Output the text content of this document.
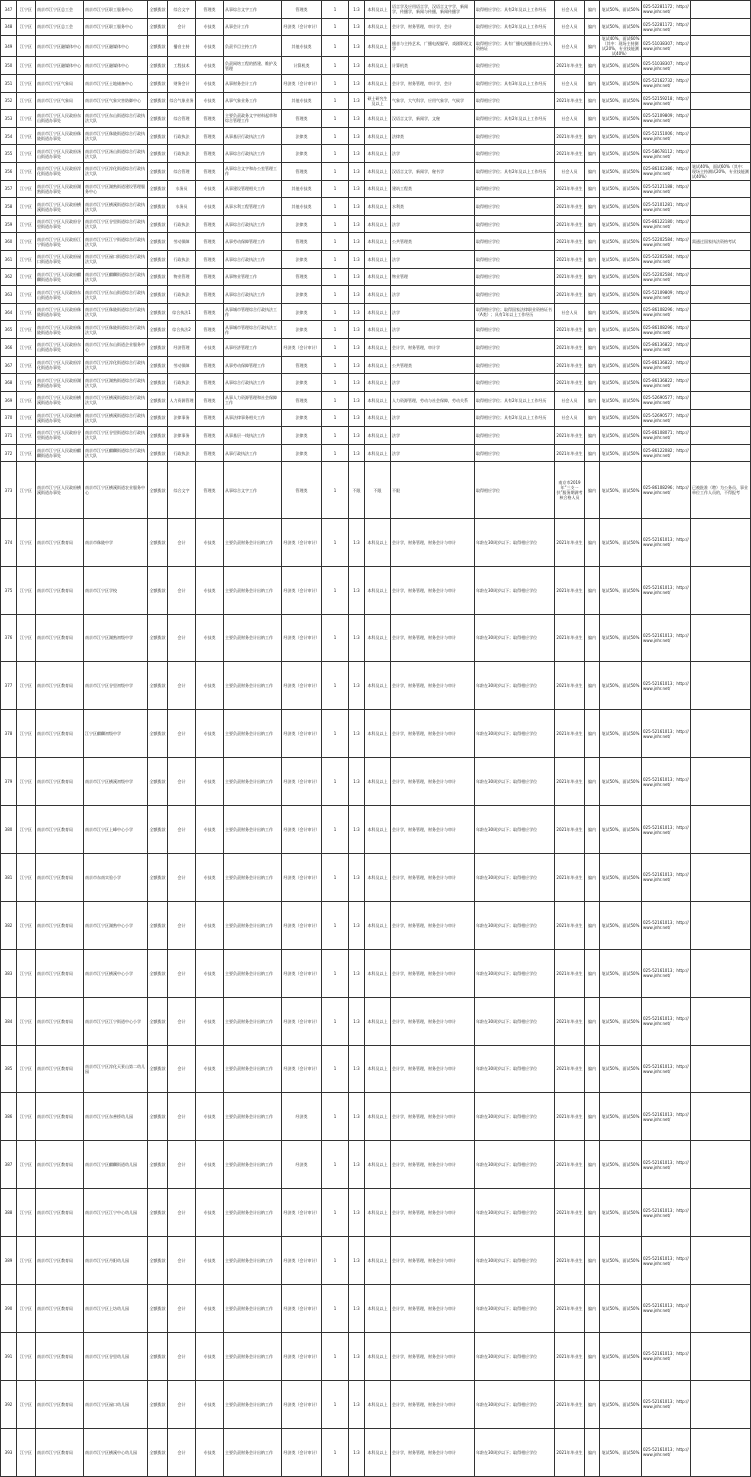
347	江宁区	南京市江宁区总工会	南京市江宁区职工服务中心	全额拨款	综合文字	管理类	从事综合文字工作	管理类	1	1:3	本科及以上	语言学及应用语言学，汉语言文字学，新闻学，传播学，新闻与传播，新闻传播学	取得相应学位；具有2年及以上工作经历	社会人员	编内	笔试50%，面试50%	025-52281172；http://www.jnhr.net/	
348	江宁区	南京市江宁区总工会	南京市江宁区职工服务中心	全额拨款	会计	专技类	从事会计工作	经济类（会计审计）	1	1:3	本科及以上	会计学，财务管理，审计学，会计	取得相应学位；具有2年及以上工作经历	社会人员	编内	笔试50%，面试50%	025-52281172；http://www.jnhr.net/	
349	江宁区	南京市江宁区融媒体中心	南京市江宁区融媒体中心	全额拨款	播音主持	专技类	负责节目主持工作	其他专技类	1	1:3	本科及以上	播音与主持艺术，广播电视编导，戏剧影视文学	取得相应学位；具有广播电视播音员主持人资格证	社会人员	编内	笔试40%，面试60%（其中：现场主持测试20%，专业技能测试40%）	025-51038307；http://www.jnhr.net/	
350	江宁区	南京市江宁区融媒体中心	南京市江宁区融媒体中心	全额拨款	工程技术	专技类	负责网络工程的搭建、维护及管理	计算机类	1	1:3	本科及以上	计算机类	取得相应学位	2021年毕业生	编内	笔试50%，面试50%	025-51038307；http://www.jnhr.net/	
351	江宁区	南京市江宁区气象局	南京市江宁区土地储备中心	全额拨款	财务会计	专技类	从事财务会计工作	经济类（会计审计）	1	1:3	本科及以上	会计学，财务管理，审计学，会计	取得相应学位；具有3年及以上工作经历	社会人员	编内	笔试50%，面试50%	025-52162732；http://www.jnhr.net/	
352	江宁区	南京市江宁区气象局	南京市江宁区气象灾害防御中心	全额拨款	综合气象业务	专技类	从事气象业务工作	其他专技类	1	1:3	硕士研究生及以上	气象学，大气科学，应用气象学，气候学	取得相应学位	2021年毕业生	编内	笔试50%，面试50%	025-52159218；http://www.jnhr.net/	
353	江宁区	南京市江宁区人民政府东山街道办事处	南京市江宁区东山街道综合行政执法大队	全额拨款	综合管理	管理类	主要负责政务文字材料起草和综合管理工作	管理类	1	1:3	本科及以上	汉语言文学，新闻学，文秘	取得相应学位；具有2年及以上工作经历	社会人员	编内	笔试50%，面试50%	025-52109809；http://www.jnhr.net/	
354	江宁区	南京市江宁区人民政府秣陵街道办事处	南京市江宁区秣陵街道综合行政执法大队	全额拨款	行政执法	管理类	从事基层行政执法工作	法律类	1	1:3	本科及以上	法律类	取得相应学位	2021年毕业生	编内	笔试50%，面试50%	025-52151006；http://www.jnhr.net/	
355	江宁区	南京市江宁区人民政府汤山街道办事处	南京市江宁区汤山街道综合行政执法大队	全额拨款	行政执法	管理类	从事综合行政执法工作	法律类	1	1:3	本科及以上	法学	取得相应学位	2021年毕业生	编内	笔试50%，面试50%	025-58678112；http://www.jnhr.net/	
356	江宁区	南京市江宁区人民政府淳化街道办事处	南京市江宁区淳化街道综合行政执法大队	全额拨款	综合管理	管理类	从事综合文字和办公室管理工作	管理类	1	1:3	本科及以上	汉语言文学，新闻学，秘书学	取得相应学位；具有2年及以上工作经历	社会人员	编内	笔试50%，面试50%	025-86102386；http://www.jnhr.net/	笔试40%，面试60%（其中：现场主持测试20%，专业技能测试40%）
357	江宁区	南京市江宁区人民政府湖熟街道办事处	南京市江宁区湖熟街道建设管理服务中心	全额拨款	水务员	专技类	从事建设管理相关工作	其他专技类	1	1:3	本科及以上	建筑工程类	取得相应学位	2021年毕业生	编内	笔试50%，面试50%	025-52121188；http://www.jnhr.net/	
358	江宁区	南京市江宁区人民政府横溪街道办事处	南京市江宁区横溪街道综合行政执法大队	全额拨款	水务员	专技类	从事水利工程管理工作	其他专技类	1	1:3	本科及以上	水利类	取得相应学位	2021年毕业生	编内	笔试50%，面试50%	025-52101281；http://www.jnhr.net/	
359	江宁区	南京市江宁区人民政府谷里街道办事处	南京市江宁区谷里街道综合行政执法大队	全额拨款	行政执法	管理类	从事综合行政执法工作	法律类	1	1:3	本科及以上	法学	取得相应学位	2021年毕业生	编内	笔试50%，面试50%	025-86122180；http://www.jnhr.net/	
360	江宁区	南京市江宁区人民政府江宁街道办事处	南京市江宁区江宁街道综合行政执法大队	全额拨款	劳动保障	管理类	从事劳动保障管理工作	管理类	1	1:3	本科及以上	公共管理类	取得相应学位	2021年毕业生	编内	笔试50%，面试50%	025-52202584；http://www.jnhr.net/	需通过国家执法资格考试
361	江宁区	南京市江宁区人民政府禄口街道办事处	南京市江宁区禄口街道综合行政执法大队	全额拨款	行政执法	管理类	从事综合行政执法工作	法律类	1	1:3	本科及以上	法学	取得相应学位	2021年毕业生	编内	笔试50%，面试50%	025-52202584；http://www.jnhr.net/	
362	江宁区	南京市江宁区人民政府麒麟街道办事处	南京市江宁区麒麟街道综合行政执法大队	全额拨款	物业管理	管理类	从事物业管理工作	管理类	1	1:3	本科及以上	物业管理	取得相应学位	2021年毕业生	编内	笔试50%，面试50%	025-52202584；http://www.jnhr.net/	
363	江宁区	南京市江宁区人民政府东山街道办事处	南京市江宁区东山街道综合行政执法大队	全额拨款	行政执法	管理类	从事综合行政执法工作	法律类	1	1:3	本科及以上	法学	取得相应学位	2021年毕业生	编内	笔试50%，面试50%	025-52109809；http://www.jnhr.net/	
364	江宁区	南京市江宁区人民政府秣陵街道办事处	南京市江宁区秣陵街道综合行政执法大队	全额拨款	综合执法1	管理类	从事城市管理综合行政执法工作	法律类	1	1:3	本科及以上	法学	取得相应学位；取得国家法律职业资格证书（A类）；具有1年以上工作经历	社会人员	编内	笔试50%，面试50%	025-86108296；http://www.jnhr.net/	
365	江宁区	南京市江宁区人民政府秣陵街道办事处	南京市江宁区秣陵街道综合行政执法大队	全额拨款	综合执法2	管理类	从事城市管理综合行政执法工作	法律类	1	1:3	本科及以上	法学	取得相应学位	2021年毕业生	编内	笔试50%，面试50%	025-86108296；http://www.jnhr.net/	
366	江宁区	南京市江宁区人民政府东山街道办事处	南京市江宁区东山街道企业服务中心	全额拨款	经济管理	专技类	从事经济管理工作	经济类（会计审计）	1	1:3	本科及以上	会计学，财务管理，审计学	取得相应学位	2021年毕业生	编内	笔试50%，面试50%	025-86136822；http://www.jnhr.net/	
367	江宁区	南京市江宁区人民政府淳化街道办事处	南京市江宁区淳化街道综合行政执法大队	全额拨款	劳动保障	管理类	从事劳动保障管理工作	管理类	1	1:3	本科及以上	公共管理类	取得相应学位	2021年毕业生	编内	笔试50%，面试50%	025-86136822；http://www.jnhr.net/	
368	江宁区	南京市江宁区人民政府湖熟街道办事处	南京市江宁区湖熟街道综合行政执法大队	全额拨款	行政执法	管理类	从事综合行政执法工作	法律类	1	1:3	本科及以上	法学	取得相应学位	2021年毕业生	编内	笔试50%，面试50%	025-86136822；http://www.jnhr.net/	
369	江宁区	南京市江宁区人民政府横溪街道办事处	南京市江宁区横溪街道综合行政执法大队	全额拨款	人力资源管理	管理类	从事人力资源管理和社会保障工作	管理类	1	1:3	本科及以上	人力资源管理，劳动与社会保障，劳动关系	取得相应学位；具有2年及以上工作经历	社会人员	编内	笔试50%，面试50%	025-52690577；http://www.jnhr.net/	
370	江宁区	南京市江宁区人民政府横溪街道办事处	南京市江宁区横溪街道综合行政执法大队	全额拨款	法律事务	管理类	从事法律事务相关工作	法律类	1	1:3	本科及以上	法学	取得相应学位；具有2年及以上工作经历	社会人员	编内	笔试50%，面试50%	025-52690577；http://www.jnhr.net/	
371	江宁区	南京市江宁区人民政府谷里街道办事处	南京市江宁区谷里街道综合行政执法大队	全额拨款	法律事务	管理类	从事基层一线执法工作	法律类	1	1:3	本科及以上	法学	取得相应学位	2021年毕业生	编内	笔试50%，面试50%	025-86108071；http://www.jnhr.net/	
372	江宁区	南京市江宁区人民政府麒麟街道办事处	南京市江宁区麒麟街道综合行政执法大队	全额拨款	行政执法	管理类	从事行政执法工作	法律类	1	1:3	本科及以上	法学	取得相应学位	2021年毕业生	编内	笔试50%，面试50%	025-86122082；http://www.jnhr.net/	
373	江宁区	南京市江宁区人民政府横溪街道办事处	南京市江宁区横溪街道农业服务中心	全额拨款	综合文字	管理类	从事综合文字工作	管理类	1	不限	不限	不限	取得相应学位	南京市2019年“三支一扶”服务期满考核合格人员	编内	笔试50%，面试50%	025-86108296；http://www.jnhr.net/	已被批准（聘）为公务员、事业单位工作人员的，不得报考
374	江宁区	南京市江宁区教育局	南京市秣陵中学	全额拨款	会计	专技类	主要负责财务会计出纳工作	经济类（会计审计）	1	1:3	本科及以上	会计学，财务管理，财务会计与审计	年龄在30周岁以下；取得相应学位	2021年毕业生	编内	笔试50%，面试50%	025-52161013；http://www.jnhr.net/	
375	江宁区	南京市江宁区教育局	南京市江宁区学校	全额拨款	会计	专技类	主要负责财务会计出纳工作	经济类（会计审计）	1	1:3	本科及以上	会计学，财务管理，财务会计与审计	年龄在30周岁以下；取得相应学位	2021年毕业生	编内	笔试50%，面试50%	025-52161013；http://www.jnhr.net/	
376	江宁区	南京市江宁区教育局	南京市江宁区湖熟初级中学	全额拨款	会计	专技类	主要负责财务会计出纳工作	经济类（会计审计）	1	1:3	本科及以上	会计学，财务管理，财务会计与审计	年龄在30周岁以下；取得相应学位	2021年毕业生	编内	笔试50%，面试50%	025-52161013；http://www.jnhr.net/	
377	江宁区	南京市江宁区教育局	南京市江宁区谷里初级中学	全额拨款	会计	专技类	主要负责财务会计出纳工作	经济类（会计审计）	1	1:3	本科及以上	会计学，财务管理，财务会计与审计	年龄在30周岁以下；取得相应学位	2021年毕业生	编内	笔试50%，面试50%	025-52161013；http://www.jnhr.net/	
378	江宁区	南京市江宁区教育局	江宁区麒麟初级中学	全额拨款	会计	专技类	主要负责财务会计出纳工作	经济类（会计审计）	1	1:3	本科及以上	会计学，财务管理，财务会计与审计	年龄在30周岁以下；取得相应学位	2021年毕业生	编内	笔试50%，面试50%	025-52161013；http://www.jnhr.net/	
379	江宁区	南京市江宁区教育局	南京市江宁区横溪初级中学	全额拨款	会计	专技类	主要负责财务会计出纳工作	经济类（会计审计）	1	1:3	本科及以上	会计学，财务管理，财务会计与审计	年龄在30周岁以下；取得相应学位	2021年毕业生	编内	笔试50%，面试50%	025-52161013；http://www.jnhr.net/	
380	江宁区	南京市江宁区教育局	南京市江宁区上峰中心小学	全额拨款	会计	专技类	主要负责财务会计出纳工作	经济类（会计审计）	1	1:3	本科及以上	会计学，财务管理，财务会计与审计	年龄在30周岁以下；取得相应学位	2021年毕业生	编内	笔试50%，面试50%	025-52161013；http://www.jnhr.net/	
381	江宁区	南京市江宁区教育局	南京市东南实验小学	全额拨款	会计	专技类	主要负责财务会计出纳工作	经济类（会计审计）	1	1:3	本科及以上	会计学，财务管理，财务会计与审计	年龄在30周岁以下；取得相应学位	2021年毕业生	编内	笔试50%，面试50%	025-52161013；http://www.jnhr.net/	
382	江宁区	南京市江宁区教育局	南京市江宁区湖熟中心小学	全额拨款	会计	专技类	主要负责财务会计出纳工作	经济类（会计审计）	1	1:3	本科及以上	会计学，财务管理，财务会计与审计	年龄在30周岁以下；取得相应学位	2021年毕业生	编内	笔试50%，面试50%	025-52161013；http://www.jnhr.net/	
383	江宁区	南京市江宁区教育局	南京市江宁区横溪中心小学	全额拨款	会计	专技类	主要负责财务会计出纳工作	经济类（会计审计）	1	1:3	本科及以上	会计学，财务管理，财务会计与审计	年龄在30周岁以下；取得相应学位	2021年毕业生	编内	笔试50%，面试50%	025-52161013；http://www.jnhr.net/	
384	江宁区	南京市江宁区教育局	南京市江宁区江宁街道中心小学	全额拨款	会计	专技类	主要负责财务会计出纳工作	经济类（会计审计）	1	1:3	本科及以上	会计学，财务管理，财务会计与审计	年龄在30周岁以下；取得相应学位	2021年毕业生	编内	笔试50%，面试50%	025-52161013；http://www.jnhr.net/	
385	江宁区	南京市江宁区教育局	南京市江宁区淳化天景山第二幼儿园	全额拨款	会计	专技类	主要负责财务会计出纳工作	经济类（会计审计）	1	1:3	本科及以上	会计学，财务管理，财务会计与审计	年龄在30周岁以下；取得相应学位	2021年毕业生	编内	笔试50%，面试50%	025-52161013；http://www.jnhr.net/	
386	江宁区	南京市江宁区教育局	南京市江宁区东善桥幼儿园	全额拨款	会计	专技类	主要负责财务会计出纳工作	经济类	1	1:3	本科及以上	会计学，财务管理，财务会计与审计	年龄在30周岁以下；取得相应学位	2021年毕业生	编内	笔试50%，面试50%	025-52161013；http://www.jnhr.net/	
387	江宁区	南京市江宁区教育局	南京市江宁区麒麟街道幼儿园	全额拨款	会计	专技类	主要负责财务会计出纳工作	经济类	1	1:3	本科及以上	会计学，财务管理，财务会计与审计	年龄在30周岁以下；取得相应学位	2021年毕业生	编内	笔试50%，面试50%	025-52161013；http://www.jnhr.net/	
388	江宁区	南京市江宁区教育局	南京市江宁区江宁中心幼儿园	全额拨款	会计	专技类	主要负责财务会计出纳工作	经济类（会计审计）	1	1:3	本科及以上	会计学，财务管理，财务会计与审计	年龄在30周岁以下；取得相应学位	2021年毕业生	编内	笔试50%，面试50%	025-52161013；http://www.jnhr.net/	
389	江宁区	南京市江宁区教育局	南京市江宁区丹阳幼儿园	全额拨款	会计	专技类	主要负责财务会计出纳工作	经济类（会计审计）	1	1:3	本科及以上	会计学，财务管理，财务会计与审计	年龄在30周岁以下；取得相应学位	2021年毕业生	编内	笔试50%，面试50%	025-52161013；http://www.jnhr.net/	
390	江宁区	南京市江宁区教育局	南京市江宁区上坊幼儿园	全额拨款	会计	专技类	主要负责财务会计出纳工作	经济类（会计审计）	1	1:3	本科及以上	会计学，财务管理，财务会计与审计	年龄在30周岁以下；取得相应学位	2021年毕业生	编内	笔试50%，面试50%	025-52161013；http://www.jnhr.net/	
391	江宁区	南京市江宁区教育局	南京市江宁区谷里幼儿园	全额拨款	会计	专技类	主要负责财务会计出纳工作	经济类（会计审计）	1	1:3	本科及以上	会计学，财务管理，财务会计与审计	年龄在30周岁以下；取得相应学位	2021年毕业生	编内	笔试50%，面试50%	025-52161013；http://www.jnhr.net/	
392	江宁区	南京市江宁区教育局	南京市江宁区禄口幼儿园	全额拨款	会计	专技类	主要负责财务会计出纳工作	经济类（会计审计）	1	1:3	本科及以上	会计学，财务管理，财务会计与审计	年龄在30周岁以下；取得相应学位	2021年毕业生	编内	笔试50%，面试50%	025-52161013；http://www.jnhr.net/	
393	江宁区	南京市江宁区教育局	南京市江宁区横溪中心幼儿园	全额拨款	会计	专技类	主要负责财务会计出纳工作	经济类（会计审计）	1	1:3	本科及以上	会计学，财务管理，财务会计与审计	年龄在30周岁以下；取得相应学位	2021年毕业生	编内	笔试50%，面试50%	025-52161013；http://www.jnhr.net/	
